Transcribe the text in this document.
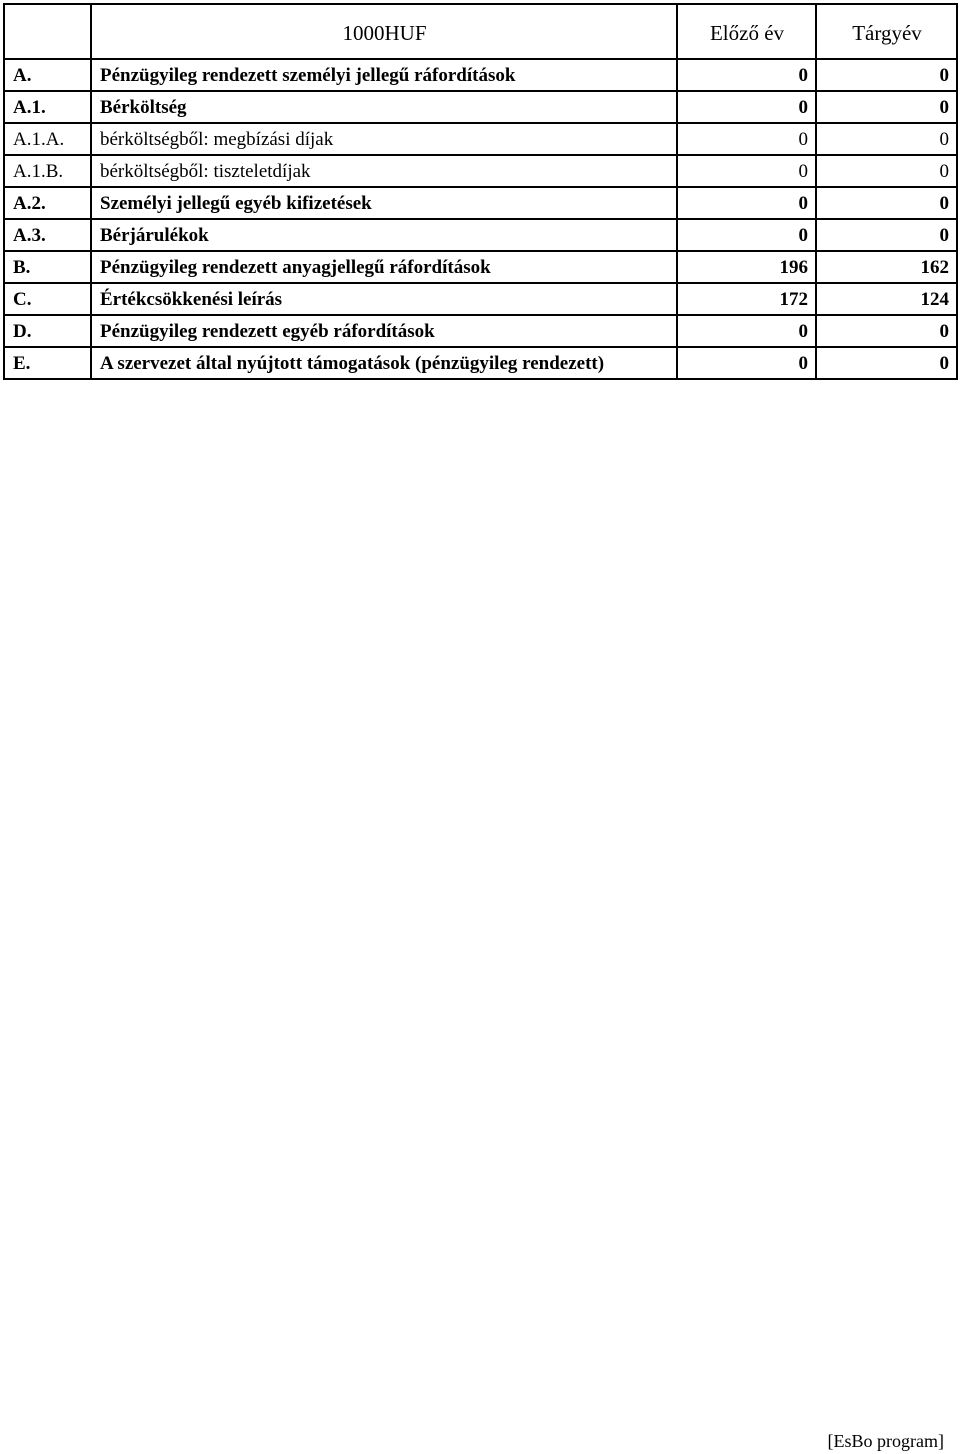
	1000HUF	Előző év	Tárgyév
A.	Pénzügyileg rendezett személyi jellegű ráfordítások	0	0
A.1.	Bérköltség	0	0
A.1.A.	bérköltségből: megbízási díjak	0	0
A.1.B.	bérköltségből: tiszteletdíjak	0	0
A.2.	Személyi jellegű egyéb kifizetések	0	0
A.3.	Bérjárulékok	0	0
B.	Pénzügyileg rendezett anyagjellegű ráfordítások	196	162
C.	Értékcsökkenési leírás	172	124
D.	Pénzügyileg rendezett egyéb ráfordítások	0	0
E.	A szervezet által nyújtott támogatások (pénzügyileg rendezett)	0	0
[EsBo program]
